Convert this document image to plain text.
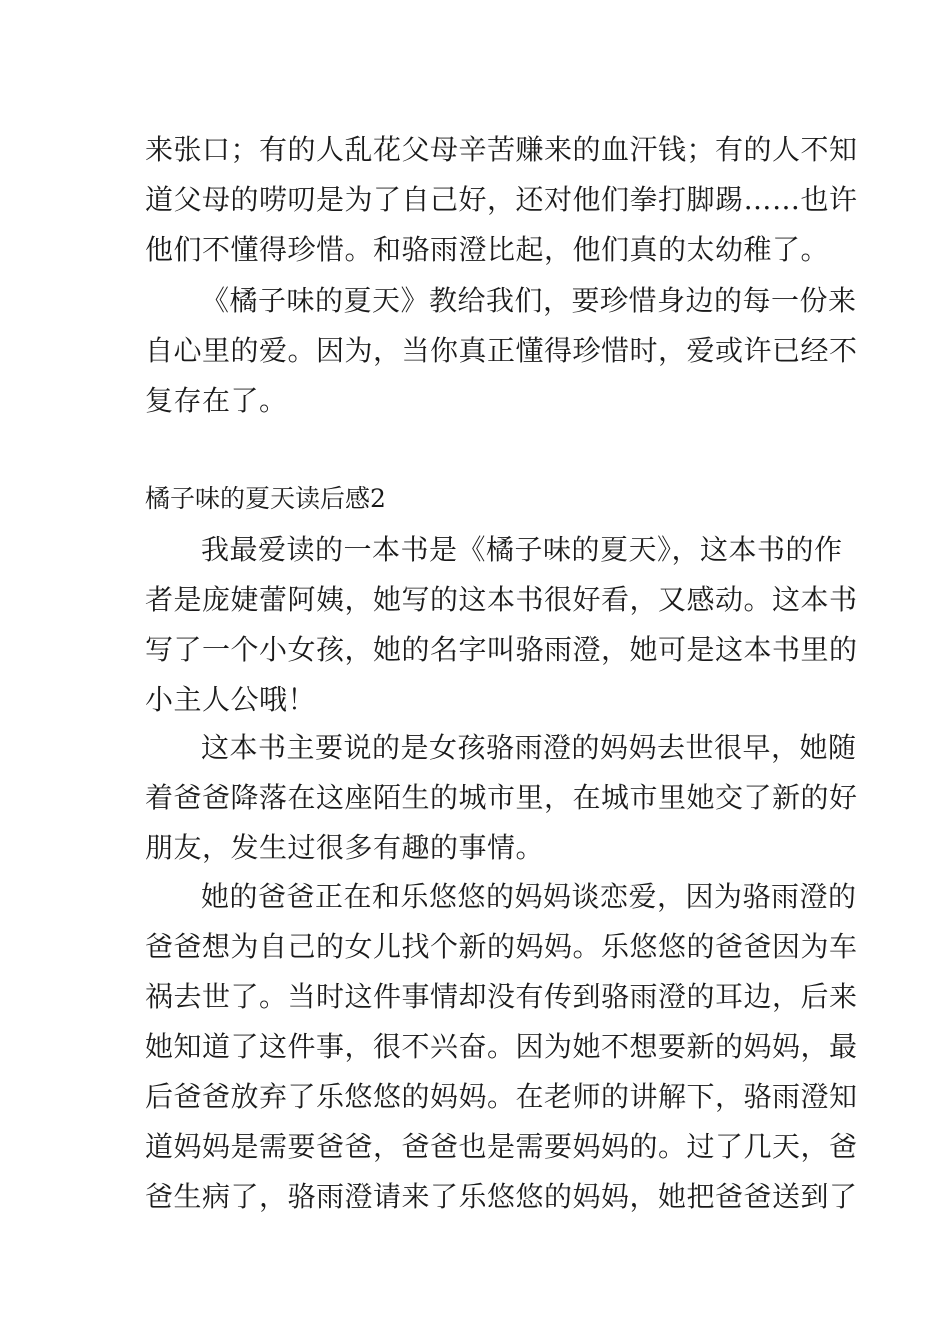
来张口；有的人乱花父母辛苦赚来的血汗钱；有的人不知
道父母的唠叨是为了自己好，还对他们拳打脚踢……也许
他们不懂得珍惜。和骆雨澄比起，他们真的太幼稚了。
《橘子味的夏天》教给我们，要珍惜身边的每一份来
自心里的爱。因为，当你真正懂得珍惜时，爱或许已经不
复存在了。
橘子味的夏天读后感2
我最爱读的一本书是《橘子味的夏天》，这本书的作
者是庞婕蕾阿姨，她写的这本书很好看，又感动。这本书
写了一个小女孩，她的名字叫骆雨澄，她可是这本书里的
小主人公哦！
这本书主要说的是女孩骆雨澄的妈妈去世很早，她随
着爸爸降落在这座陌生的城市里，在城市里她交了新的好
朋友，发生过很多有趣的事情。
她的爸爸正在和乐悠悠的妈妈谈恋爱，因为骆雨澄的
爸爸想为自己的女儿找个新的妈妈。乐悠悠的爸爸因为车
祸去世了。当时这件事情却没有传到骆雨澄的耳边，后来
她知道了这件事，很不兴奋。因为她不想要新的妈妈，最
后爸爸放弃了乐悠悠的妈妈。在老师的讲解下，骆雨澄知
道妈妈是需要爸爸，爸爸也是需要妈妈的。过了几天，爸
爸生病了，骆雨澄请来了乐悠悠的妈妈，她把爸爸送到了
